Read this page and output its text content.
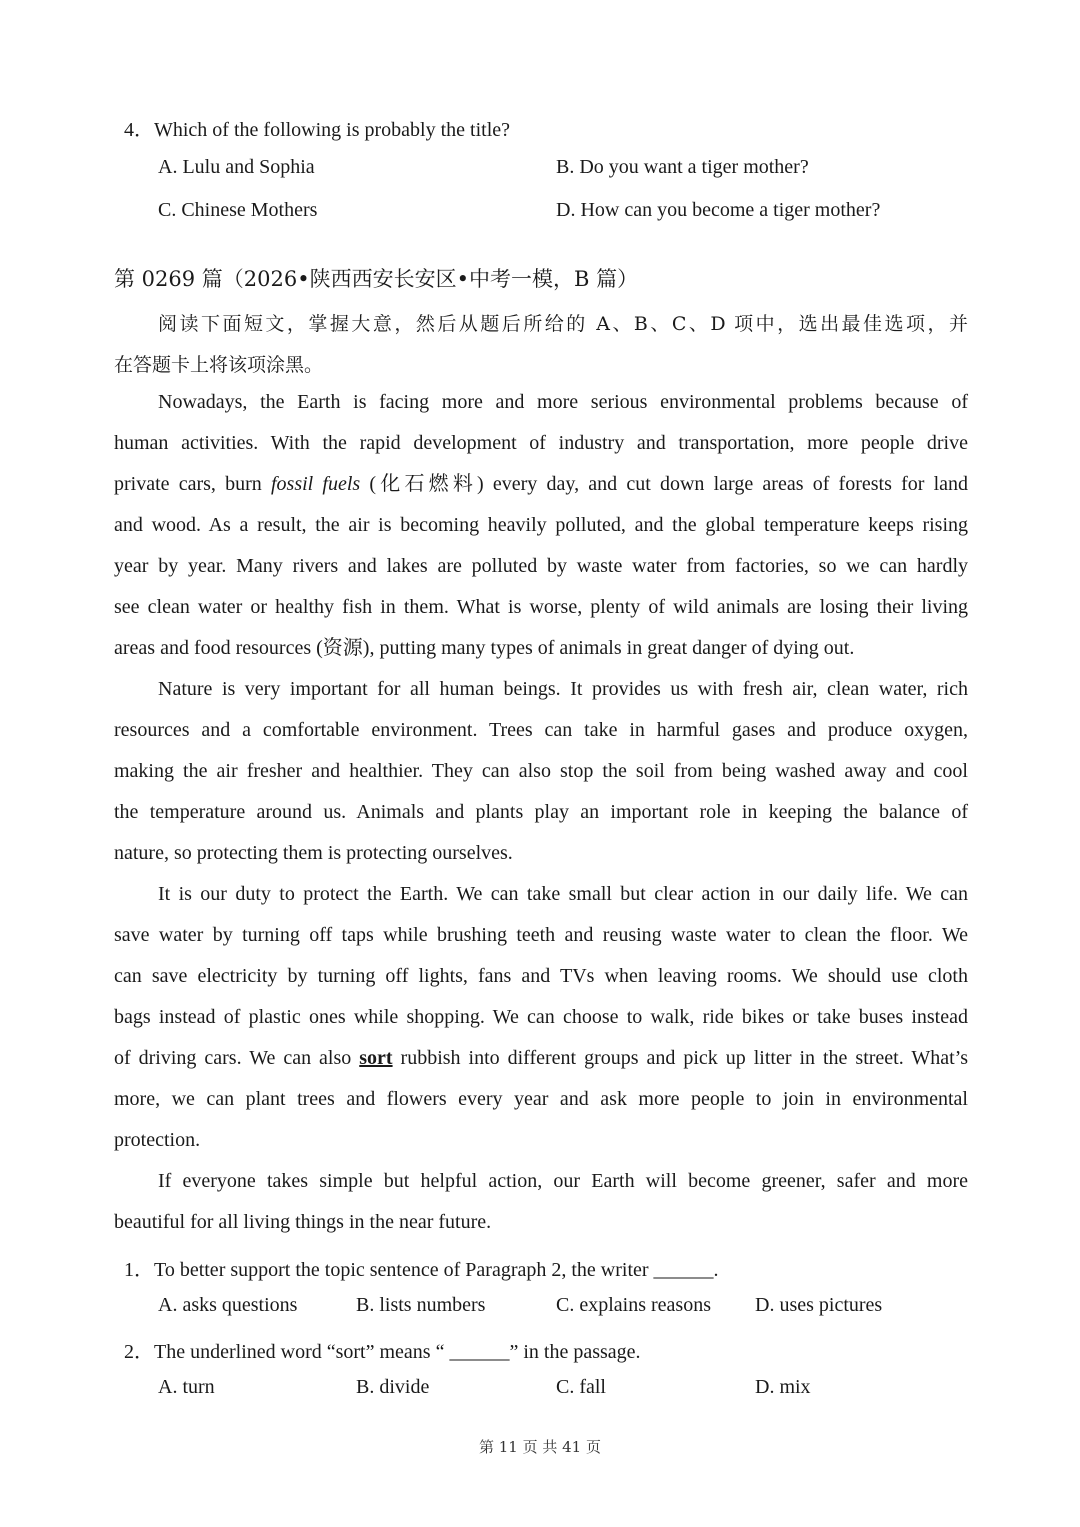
4．Which of the following is probably the title?
A. Lulu and Sophia	B. Do you want a tiger mother?
C. Chinese Mothers	D. How can you become a tiger mother?
第 0269 篇（2026•陕西西安长安区•中考一模，B 篇）
阅读下面短文，掌握大意，然后从题后所给的 A、B、C、D 项中，选出最佳选项，并
在答题卡上将该项涂黑。
Nowadays, the Earth is facing more and more serious environmental problems because of
human activities. With the rapid development of industry and transportation, more people drive
private cars, burn fossil fuels (化石燃料) every day, and cut down large areas of forests for land
and wood. As a result, the air is becoming heavily polluted, and the global temperature keeps rising
year by year. Many rivers and lakes are polluted by waste water from factories, so we can hardly
see clean water or healthy fish in them. What is worse, plenty of wild animals are losing their living
areas and food resources (资源), putting many types of animals in great danger of dying out.
Nature is very important for all human beings. It provides us with fresh air, clean water, rich
resources and a comfortable environment. Trees can take in harmful gases and produce oxygen,
making the air fresher and healthier. They can also stop the soil from being washed away and cool
the temperature around us. Animals and plants play an important role in keeping the balance of
nature, so protecting them is protecting ourselves.
It is our duty to protect the Earth. We can take small but clear action in our daily life. We can
save water by turning off taps while brushing teeth and reusing waste water to clean the floor. We
can save electricity by turning off lights, fans and TVs when leaving rooms. We should use cloth
bags instead of plastic ones while shopping. We can choose to walk, ride bikes or take buses instead
of driving cars. We can also sort rubbish into different groups and pick up litter in the street. What’s
more, we can plant trees and flowers every year and ask more people to join in environmental
protection.
If everyone takes simple but helpful action, our Earth will become greener, safer and more
beautiful for all living things in the near future.
1．To better support the topic sentence of Paragraph 2, the writer ______.
A. asks questions	B. lists numbers	C. explains reasons D. uses pictures
2．The underlined word “sort” means “ ______” in the passage.
A. turn	B. divide	C. fall	D. mix
第 11 页 共 41 页
